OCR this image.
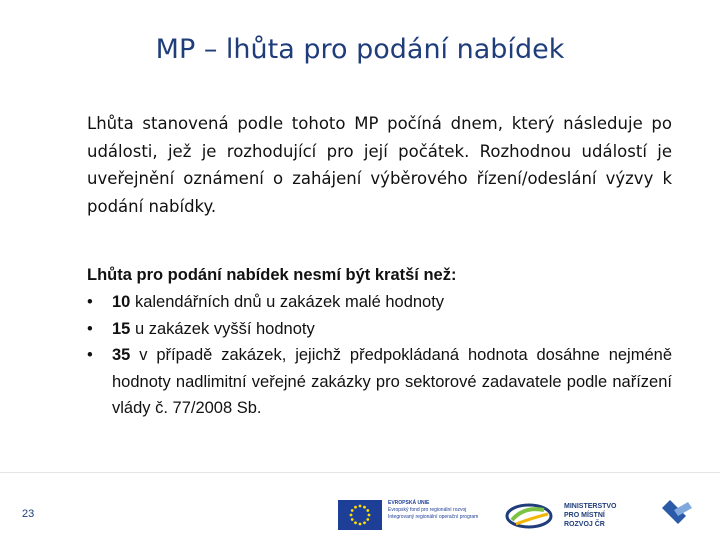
MP – lhůta pro podání nabídek

Lhůta stanovená podle tohoto MP počíná dnem, který následuje po události, jež je rozhodující pro její počátek. Rozhodnou událostí je uveřejnění oznámení o zahájení výběrového řízení/odeslání výzvy k podání nabídky.

Lhůta pro podání nabídek nesmí být kratší než:

• 10 kalendářních dnů u zakázek malé hodnoty
• 15 u zakázek vyšší hodnoty
• 35 v případě zakázek, jejichž předpokládaná hodnota dosáhne nejméně hodnoty nadlimitní veřejné zakázky pro sektorové zadavatele podle nařízení vlády č. 77/2008 Sb.
23
EVROPSKÁ UNIE
Evropský fond pro regionální rozvoj
Integrovaný regionální operační program
MINISTERSTVO
PRO MÍSTNÍ
ROZVOJ ČR
